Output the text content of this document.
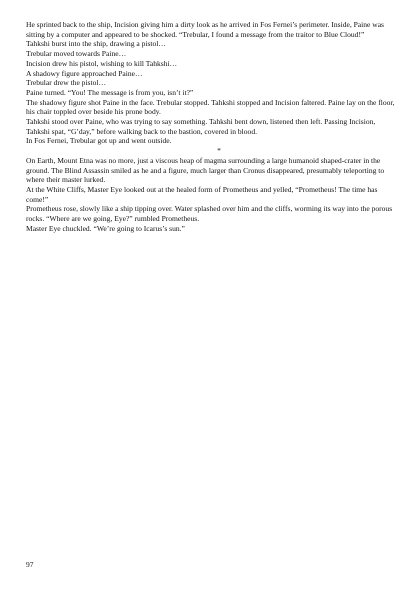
He sprinted back to the ship, Incision giving him a dirty look as he arrived in Fos Fernei’s perimeter. Inside, Paine was sitting by a computer and appeared to be shocked. “Trebular, I found a message from the traitor to Blue Cloud!”

Tahkshi burst into the ship, drawing a pistol…

Trebular moved towards Paine…

Incision drew his pistol, wishing to kill Tahkshi…

A shadowy figure approached Paine…

Trebular drew the pistol…

Paine turned. “You! The message is from you, isn’t it?”

The shadowy figure shot Paine in the face. Trebular stopped. Tahkshi stopped and Incision faltered. Paine lay on the floor, his chair toppled over beside his prone body.

Tahkshi stood over Paine, who was trying to say something. Tahkshi bent down, listened then left. Passing Incision, Tahkshi spat, “G’day,” before walking back to the bastion, covered in blood.

In Fos Fernei, Trebular got up and went outside.

*

On Earth, Mount Etna was no more, just a viscous heap of magma surrounding a large humanoid shaped-crater in the ground. The Blind Assassin smiled as he and a figure, much larger than Cronus disappeared, presumably teleporting to where their master lurked.

At the White Cliffs, Master Eye looked out at the healed form of Prometheus and yelled, “Prometheus! The time has come!”

Prometheus rose, slowly like a ship tipping over. Water splashed over him and the cliffs, worming its way into the porous rocks. “Where are we going, Eye?” rumbled Prometheus.

Master Eye chuckled. “We’re going to Icarus’s sun.”

97
